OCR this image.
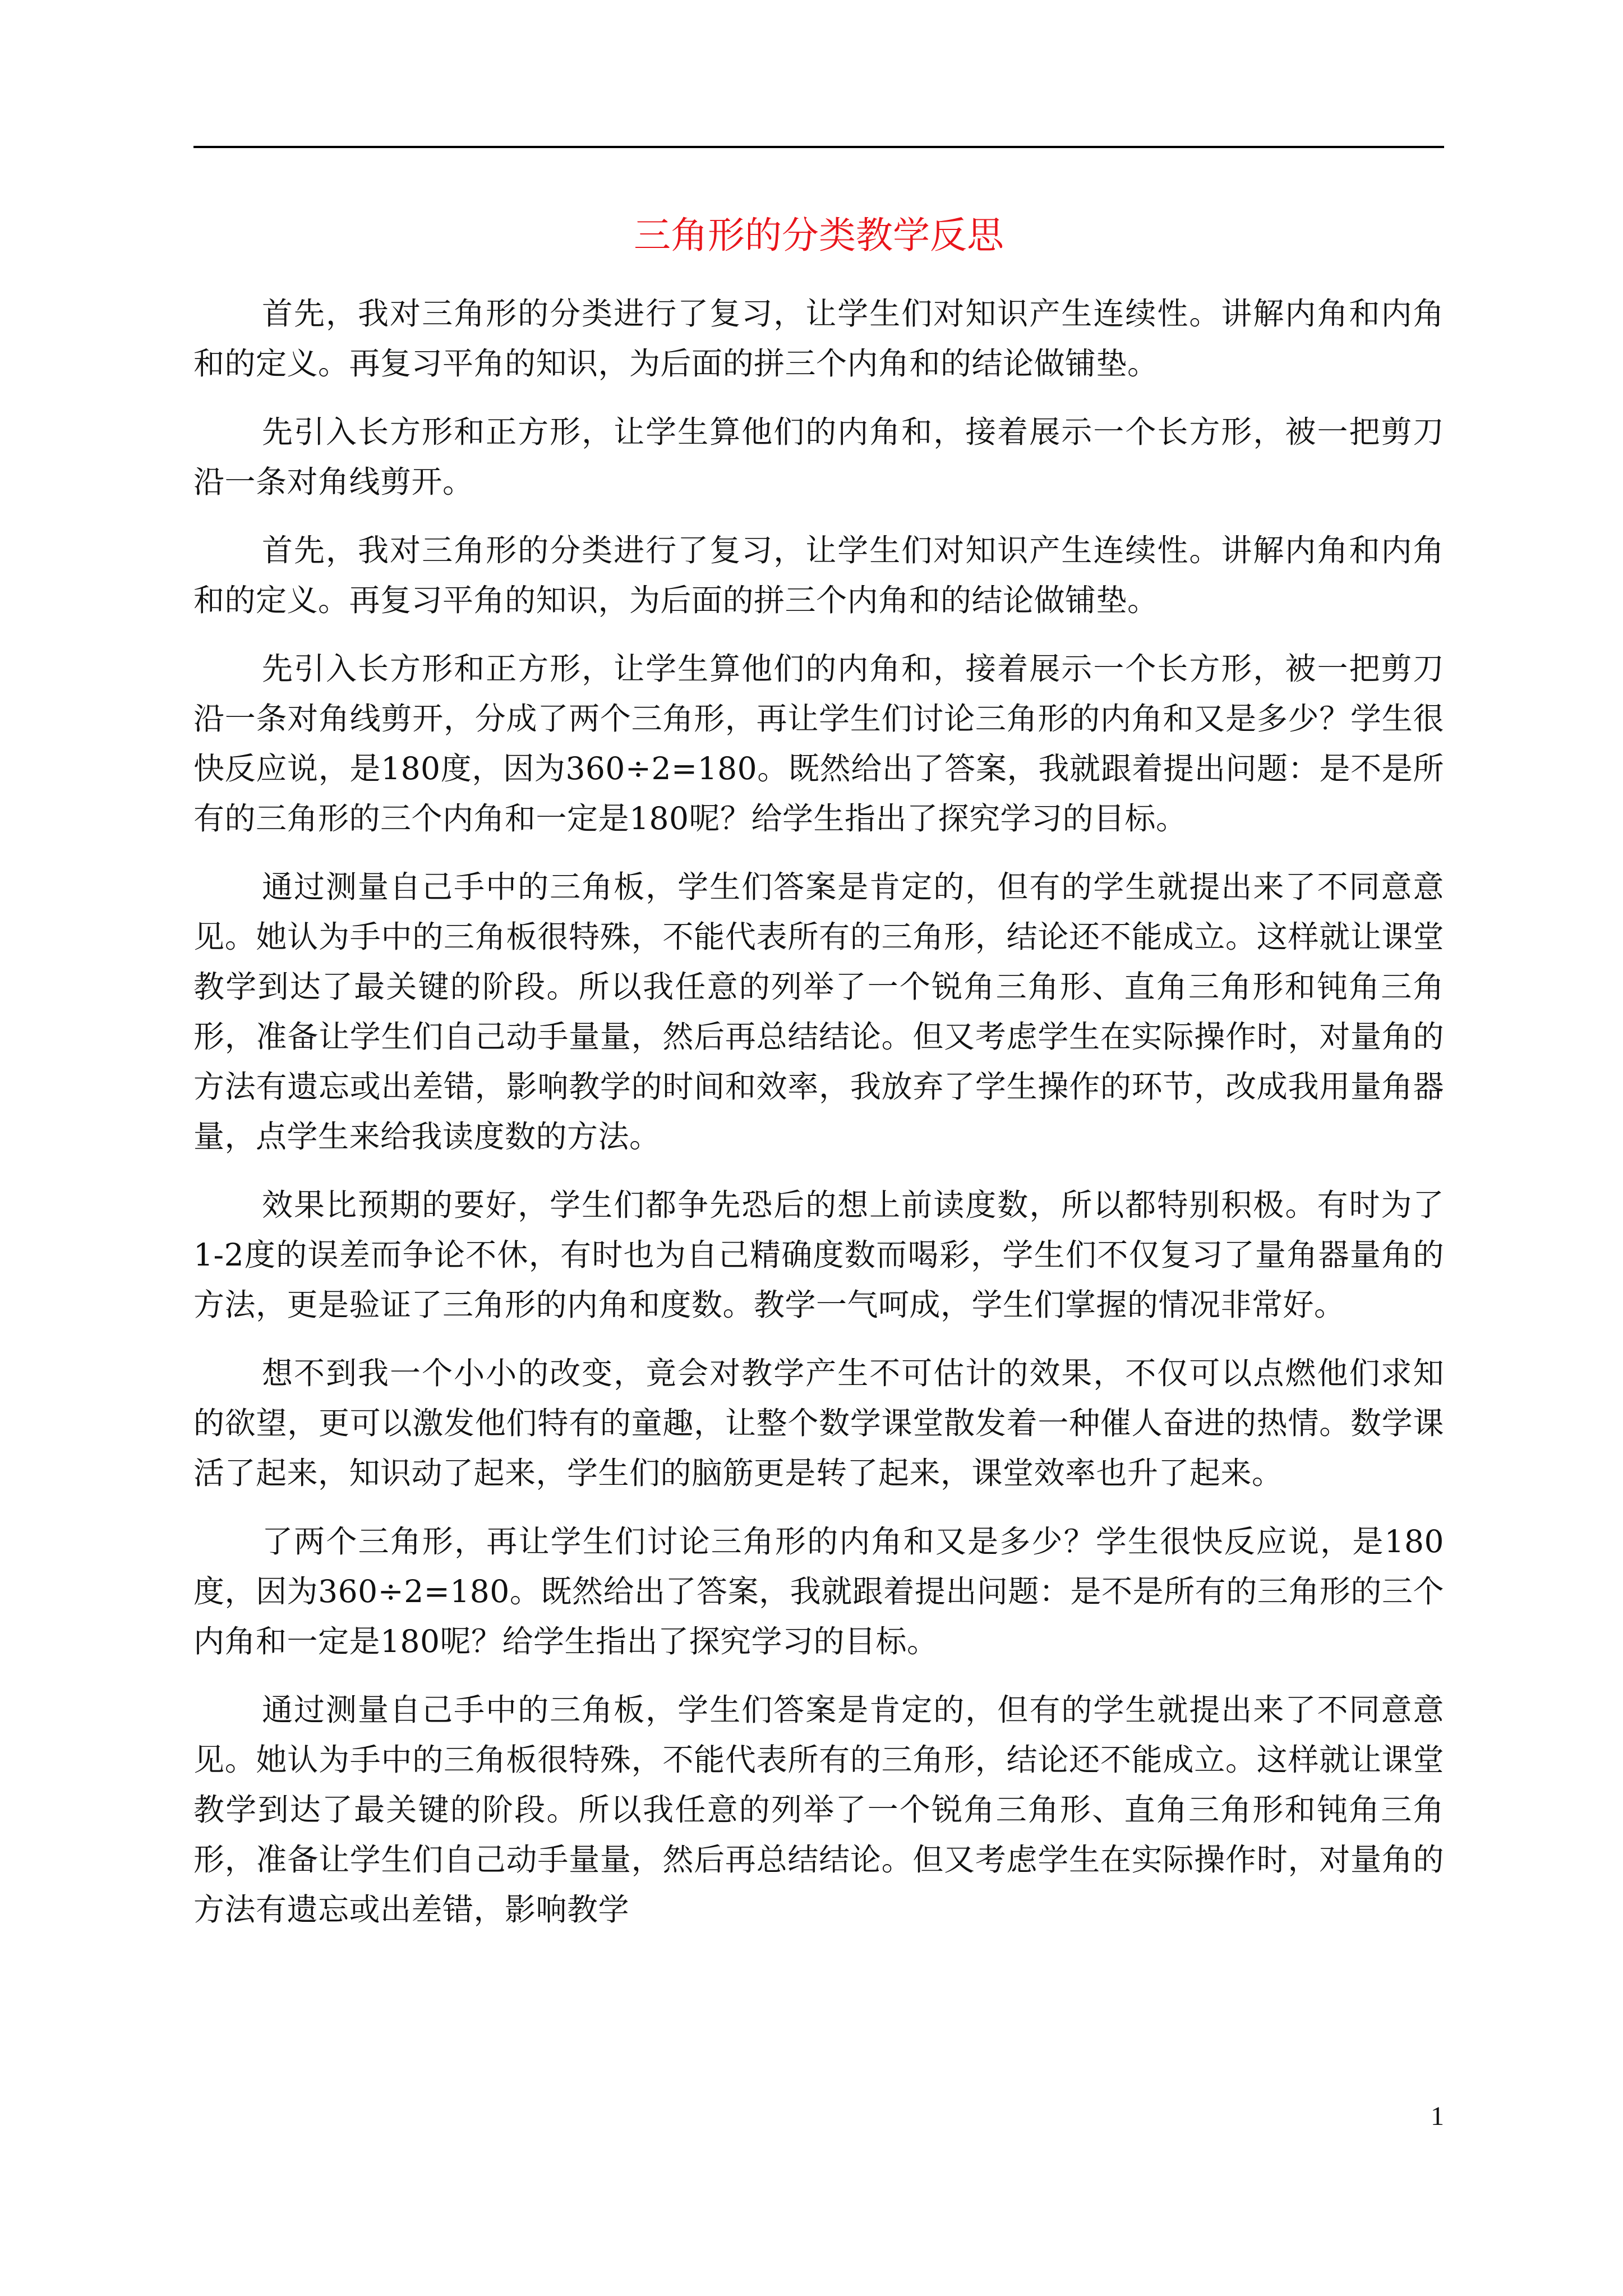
三角形的分类教学反思

首先，我对三角形的分类进行了复习，让学生们对知识产生连续性。讲解内角和内角和的定义。再复习平角的知识，为后面的拼三个内角和的结论做铺垫。

先引入长方形和正方形，让学生算他们的内角和，接着展示一个长方形，被一把剪刀沿一条对角线剪开。

首先，我对三角形的分类进行了复习，让学生们对知识产生连续性。讲解内角和内角和的定义。再复习平角的知识，为后面的拼三个内角和的结论做铺垫。

先引入长方形和正方形，让学生算他们的内角和，接着展示一个长方形，被一把剪刀沿一条对角线剪开，分成了两个三角形，再让学生们讨论三角形的内角和又是多少？学生很快反应说，是180度，因为360÷2=180。既然给出了答案，我就跟着提出问题：是不是所有的三角形的三个内角和一定是180呢？给学生指出了探究学习的目标。

通过测量自己手中的三角板，学生们答案是肯定的，但有的学生就提出来了不同意意见。她认为手中的三角板很特殊，不能代表所有的三角形，结论还不能成立。这样就让课堂教学到达了最关键的阶段。所以我任意的列举了一个锐角三角形、直角三角形和钝角三角形，准备让学生们自己动手量量，然后再总结结论。但又考虑学生在实际操作时，对量角的方法有遗忘或出差错，影响教学的时间和效率，我放弃了学生操作的环节，改成我用量角器量，点学生来给我读度数的方法。

效果比预期的要好，学生们都争先恐后的想上前读度数，所以都特别积极。有时为了1-2度的误差而争论不休，有时也为自己精确度数而喝彩，学生们不仅复习了量角器量角的方法，更是验证了三角形的内角和度数。教学一气呵成，学生们掌握的情况非常好。

想不到我一个小小的改变，竟会对教学产生不可估计的效果，不仅可以点燃他们求知的欲望，更可以激发他们特有的童趣，让整个数学课堂散发着一种催人奋进的热情。数学课活了起来，知识动了起来，学生们的脑筋更是转了起来，课堂效率也升了起来。

了两个三角形，再让学生们讨论三角形的内角和又是多少？学生很快反应说，是180度，因为360÷2=180。既然给出了答案，我就跟着提出问题：是不是所有的三角形的三个内角和一定是180呢？给学生指出了探究学习的目标。

通过测量自己手中的三角板，学生们答案是肯定的，但有的学生就提出来了不同意意见。她认为手中的三角板很特殊，不能代表所有的三角形，结论还不能成立。这样就让课堂教学到达了最关键的阶段。所以我任意的列举了一个锐角三角形、直角三角形和钝角三角形，准备让学生们自己动手量量，然后再总结结论。但又考虑学生在实际操作时，对量角的方法有遗忘或出差错，影响教学

1
